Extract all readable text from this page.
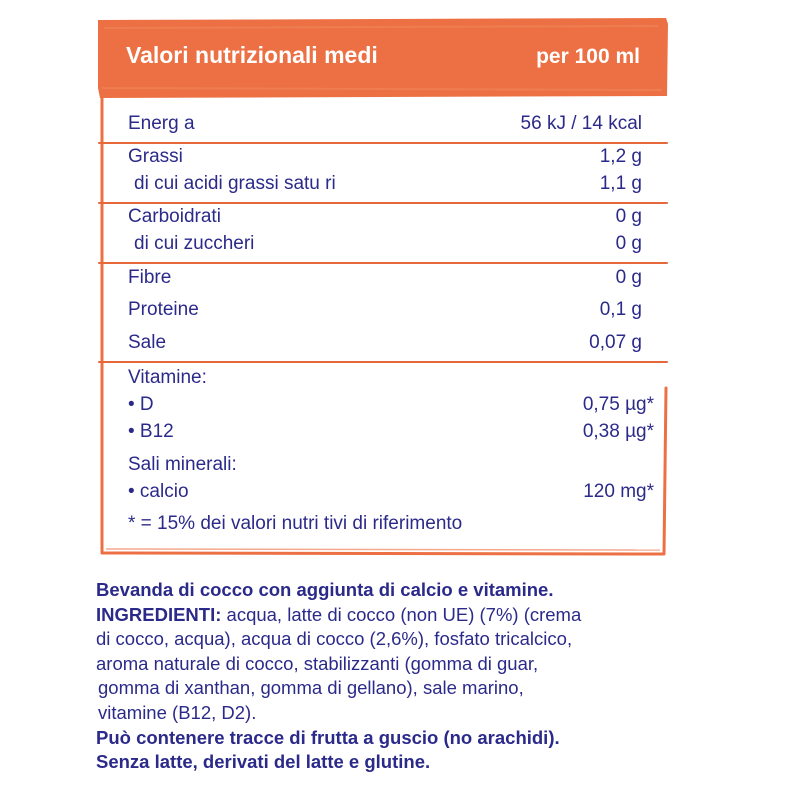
Valori nutrizionali medi	per 100 ml
Energ a	56 kJ / 14 kcal
Grassi	1,2 g
di cui acidi grassi satu ri	1,1 g
Carboidrati	0 g
di cui zuccheri	0 g
Fibre	0 g
Proteine	0,1 g
Sale	0,07 g
Vitamine:
• D	0,75 µg*
• B12	0,38 µg*
Sali minerali:
• calcio	120 mg*
* = 15% dei valori nutri tivi di riferimento

Bevanda di cocco con aggiunta di calcio e vitamine.

INGREDIENTI: acqua, latte di cocco (non UE) (7%) (crema

di cocco, acqua), acqua di cocco (2,6%), fosfato tricalcico,

aroma naturale di cocco, stabilizzanti (gomma di guar,

gomma di xanthan, gomma di gellano), sale marino,

vitamine (B12, D2).

Può contenere tracce di frutta a guscio (no arachidi).

Senza latte, derivati del latte e glutine.
